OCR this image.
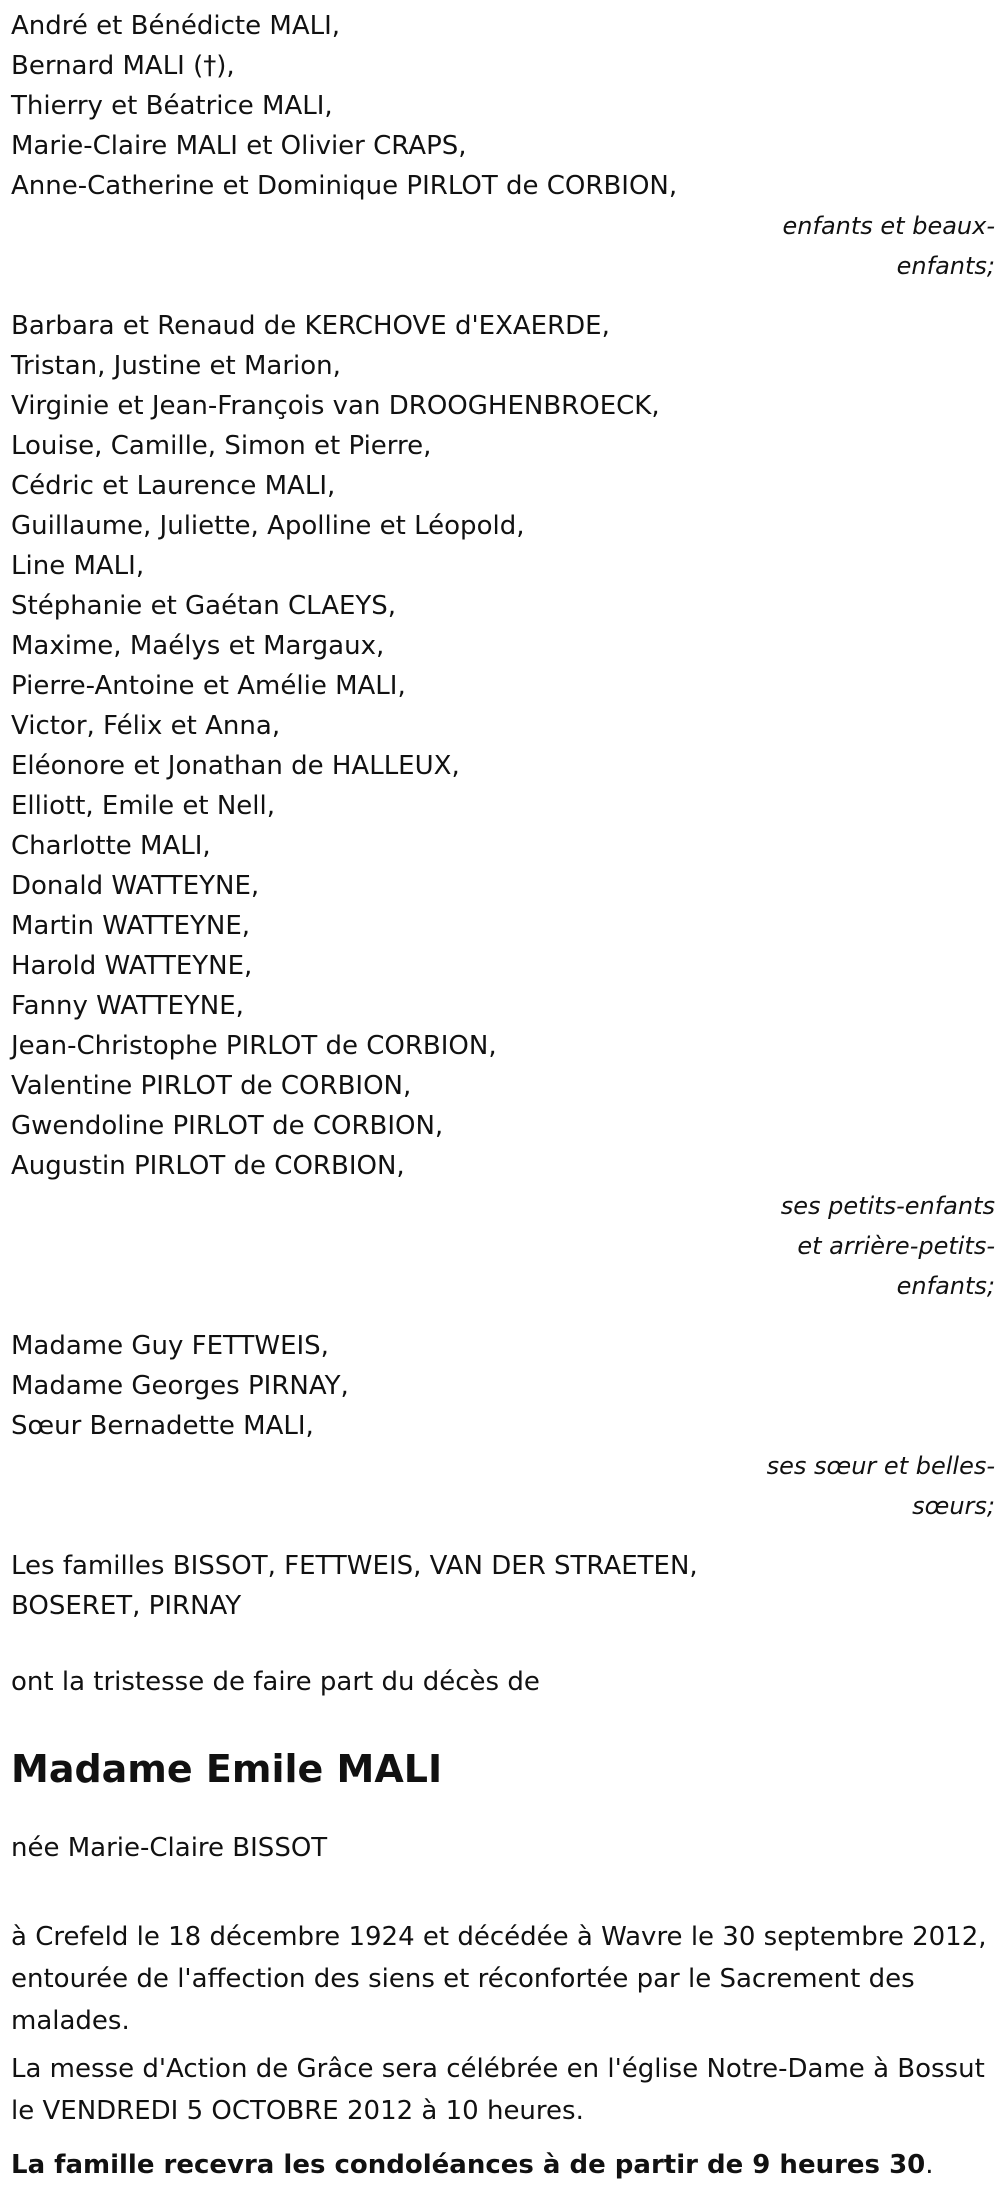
André et Bénédicte MALI,
Bernard MALI (†),
Thierry et Béatrice MALI,
Marie-Claire MALI et Olivier CRAPS,
Anne-Catherine et Dominique PIRLOT de CORBION,
enfants et beaux-
enfants;
Barbara et Renaud de KERCHOVE d'EXAERDE,
Tristan, Justine et Marion,
Virginie et Jean-François van DROOGHENBROECK,
Louise, Camille, Simon et Pierre,
Cédric et Laurence MALI,
Guillaume, Juliette, Apolline et Léopold,
Line MALI,
Stéphanie et Gaétan CLAEYS,
Maxime, Maélys et Margaux,
Pierre-Antoine et Amélie MALI,
Victor, Félix et Anna,
Eléonore et Jonathan de HALLEUX,
Elliott, Emile et Nell,
Charlotte MALI,
Donald WATTEYNE,
Martin WATTEYNE,
Harold WATTEYNE,
Fanny WATTEYNE,
Jean-Christophe PIRLOT de CORBION,
Valentine PIRLOT de CORBION,
Gwendoline PIRLOT de CORBION,
Augustin PIRLOT de CORBION,
ses petits-enfants
et arrière-petits-
enfants;
Madame Guy FETTWEIS,
Madame Georges PIRNAY,
Sœur Bernadette MALI,
ses sœur et belles-
sœurs;
Les familles BISSOT, FETTWEIS, VAN DER STRAETEN,
BOSERET, PIRNAY
ont la tristesse de faire part du décès de
Madame Emile MALI
née Marie-Claire BISSOT
à Crefeld le 18 décembre 1924 et décédée à Wavre le 30 septembre 2012, entourée de l'affection des siens et réconfortée par le Sacrement des malades.
La messe d'Action de Grâce sera célébrée en l'église Notre-Dame à Bossut le VENDREDI 5 OCTOBRE 2012 à 10 heures.
La famille recevra les condoléances à de partir de 9 heures 30.
